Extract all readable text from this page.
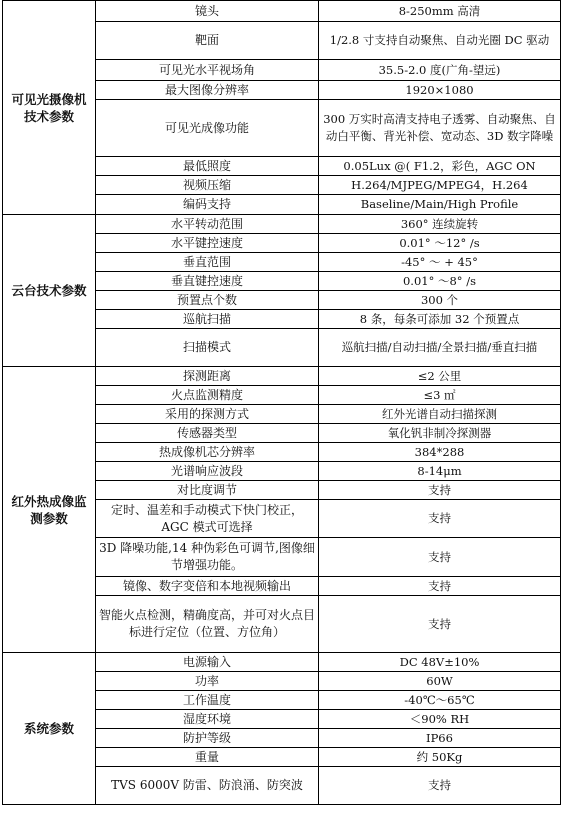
可见光摄像机技术参数	镜头	8-250mm 高清
	靶面	1/2.8 寸支持自动聚焦、自动光圈 DC 驱动
	可见光水平视场角	35.5-2.0 度(广角-望远)
	最大图像分辨率	1920×1080
	可见光成像功能	300 万实时高清支持电子透雾、自动聚焦、自动白平衡、背光补偿、宽动态、3D 数字降噪
	最低照度	0.05Lux @( F1.2，彩色，AGC ON
	视频压缩	H.264/MJPEG/MPEG4，H.264
	编码支持	Baseline/Main/High Profile
云台技术参数	水平转动范围	360° 连续旋转
	水平键控速度	0.01° ～12° /s
	垂直范围	-45° ～ + 45°
	垂直键控速度	0.01° ～8° /s
	预置点个数	300 个
	巡航扫描	8 条，每条可添加 32 个预置点
	扫描模式	巡航扫描/自动扫描/全景扫描/垂直扫描
红外热成像监测参数	探测距离	≤2 公里
	火点监测精度	≤3 ㎡
	采用的探测方式	红外光谱自动扫描探测
	传感器类型	氧化钒非制冷探测器
	热成像机芯分辨率	384*288
	光谱响应波段	8-14μm
	对比度调节	支持
	定时、温差和手动模式下快门校正，AGC 模式可选择	支持
	3D 降噪功能,14 种伪彩色可调节,图像细节增强功能。	支持
	镜像、数字变倍和本地视频输出	支持
	智能火点检测，精确度高，并可对火点目标进行定位（位置、方位角）	支持
系统参数	电源输入	DC 48V±10%
	功率	60W
	工作温度	-40℃～65℃
	湿度环境	＜90% RH
	防护等级	IP66
	重量	约 50Kg
	TVS 6000V 防雷、防浪涌、防突波	支持
